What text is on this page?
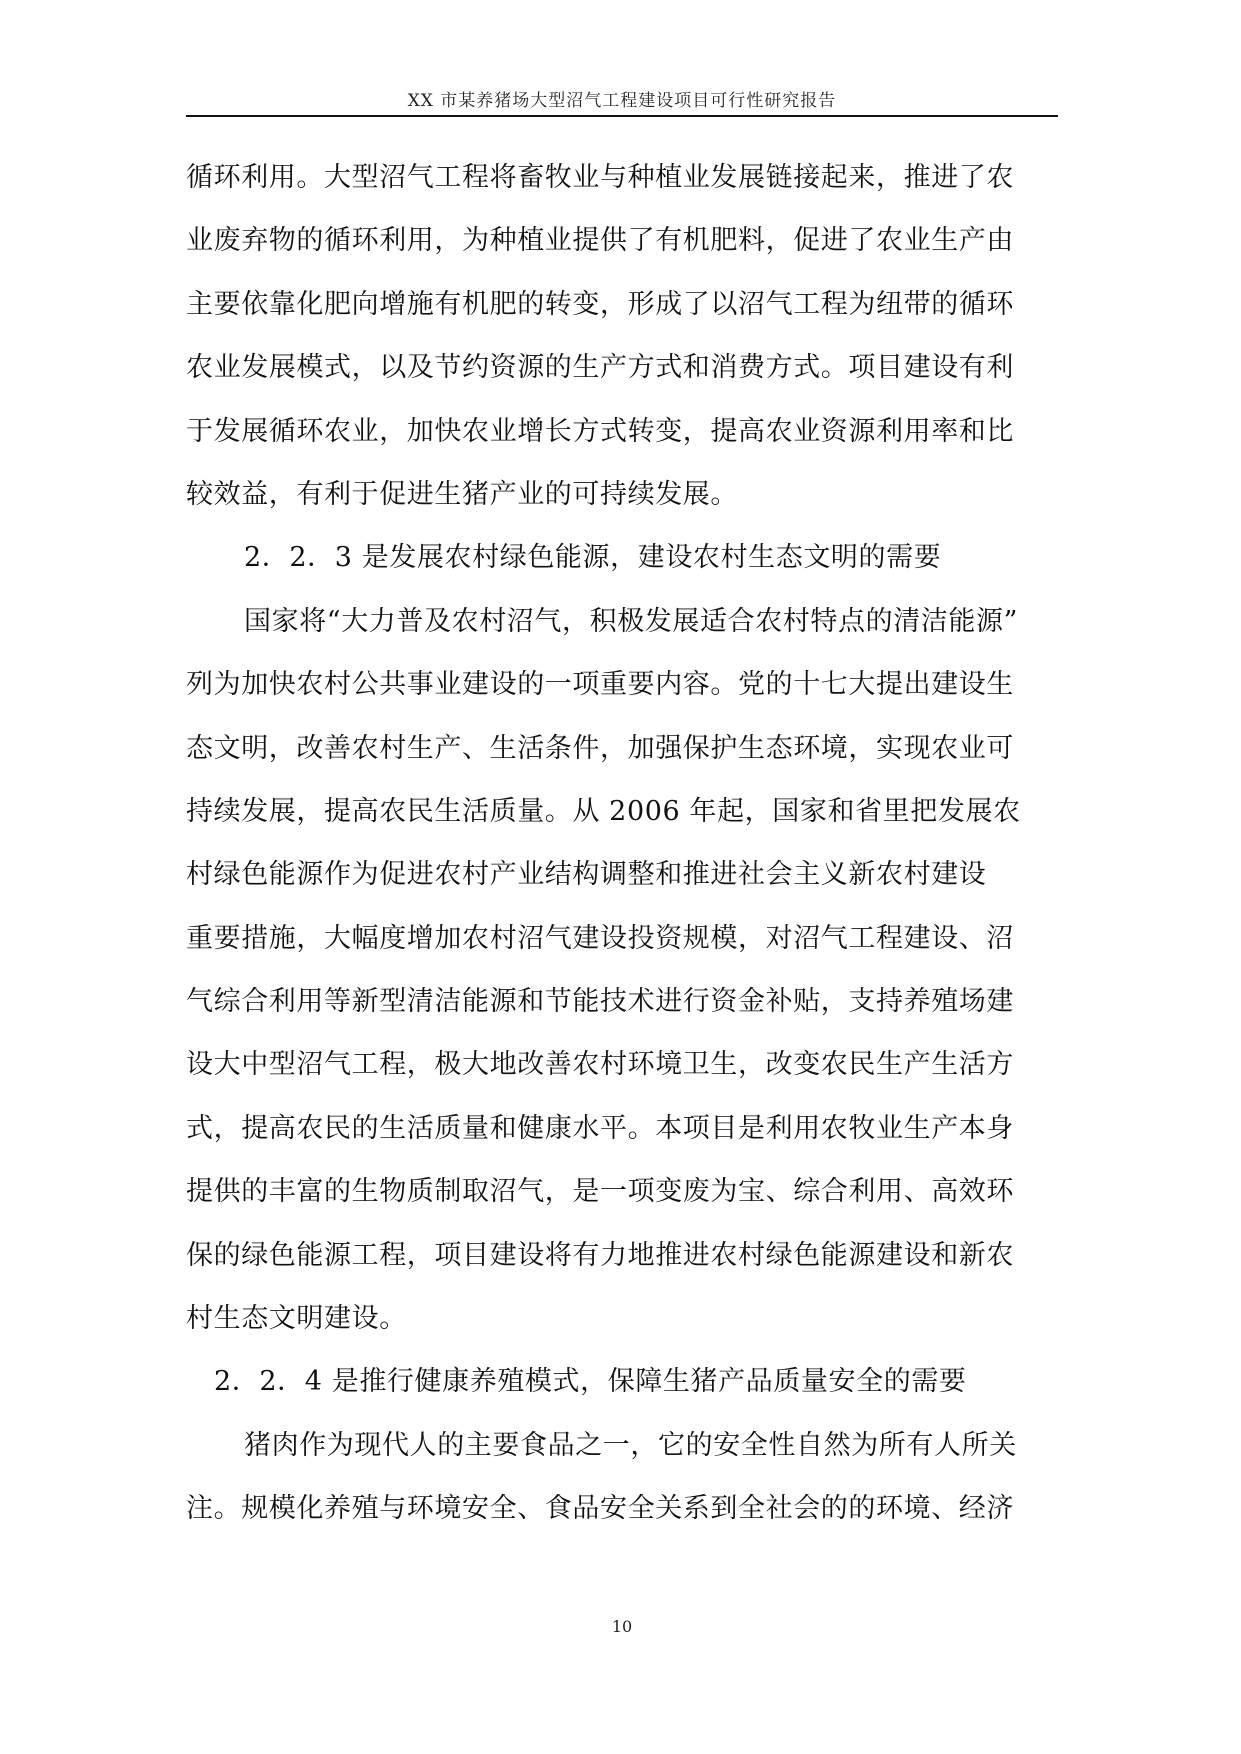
XX 市某养猪场大型沼气工程建设项目可行性研究报告
循环利用。大型沼气工程将畜牧业与种植业发展链接起来，推进了农
业废弃物的循环利用，为种植业提供了有机肥料，促进了农业生产由
主要依靠化肥向增施有机肥的转变，形成了以沼气工程为纽带的循环
农业发展模式，以及节约资源的生产方式和消费方式。项目建设有利
于发展循环农业，加快农业增长方式转变，提高农业资源利用率和比
较效益，有利于促进生猪产业的可持续发展。
2．2．3 是发展农村绿色能源，建设农村生态文明的需要
国家将“大力普及农村沼气，积极发展适合农村特点的清洁能源”
列为加快农村公共事业建设的一项重要内容。党的十七大提出建设生
态文明，改善农村生产、生活条件，加强保护生态环境，实现农业可
持续发展，提高农民生活质量。从 2006 年起，国家和省里把发展农
村绿色能源作为促进农村产业结构调整和推进社会主义新农村建设
重要措施，大幅度增加农村沼气建设投资规模，对沼气工程建设、沼
气综合利用等新型清洁能源和节能技术进行资金补贴，支持养殖场建
设大中型沼气工程，极大地改善农村环境卫生，改变农民生产生活方
式，提高农民的生活质量和健康水平。本项目是利用农牧业生产本身
提供的丰富的生物质制取沼气，是一项变废为宝、综合利用、高效环
保的绿色能源工程，项目建设将有力地推进农村绿色能源建设和新农
村生态文明建设。
2．2．4 是推行健康养殖模式，保障生猪产品质量安全的需要
猪肉作为现代人的主要食品之一，它的安全性自然为所有人所关
注。规模化养殖与环境安全、食品安全关系到全社会的的环境、经济
10
